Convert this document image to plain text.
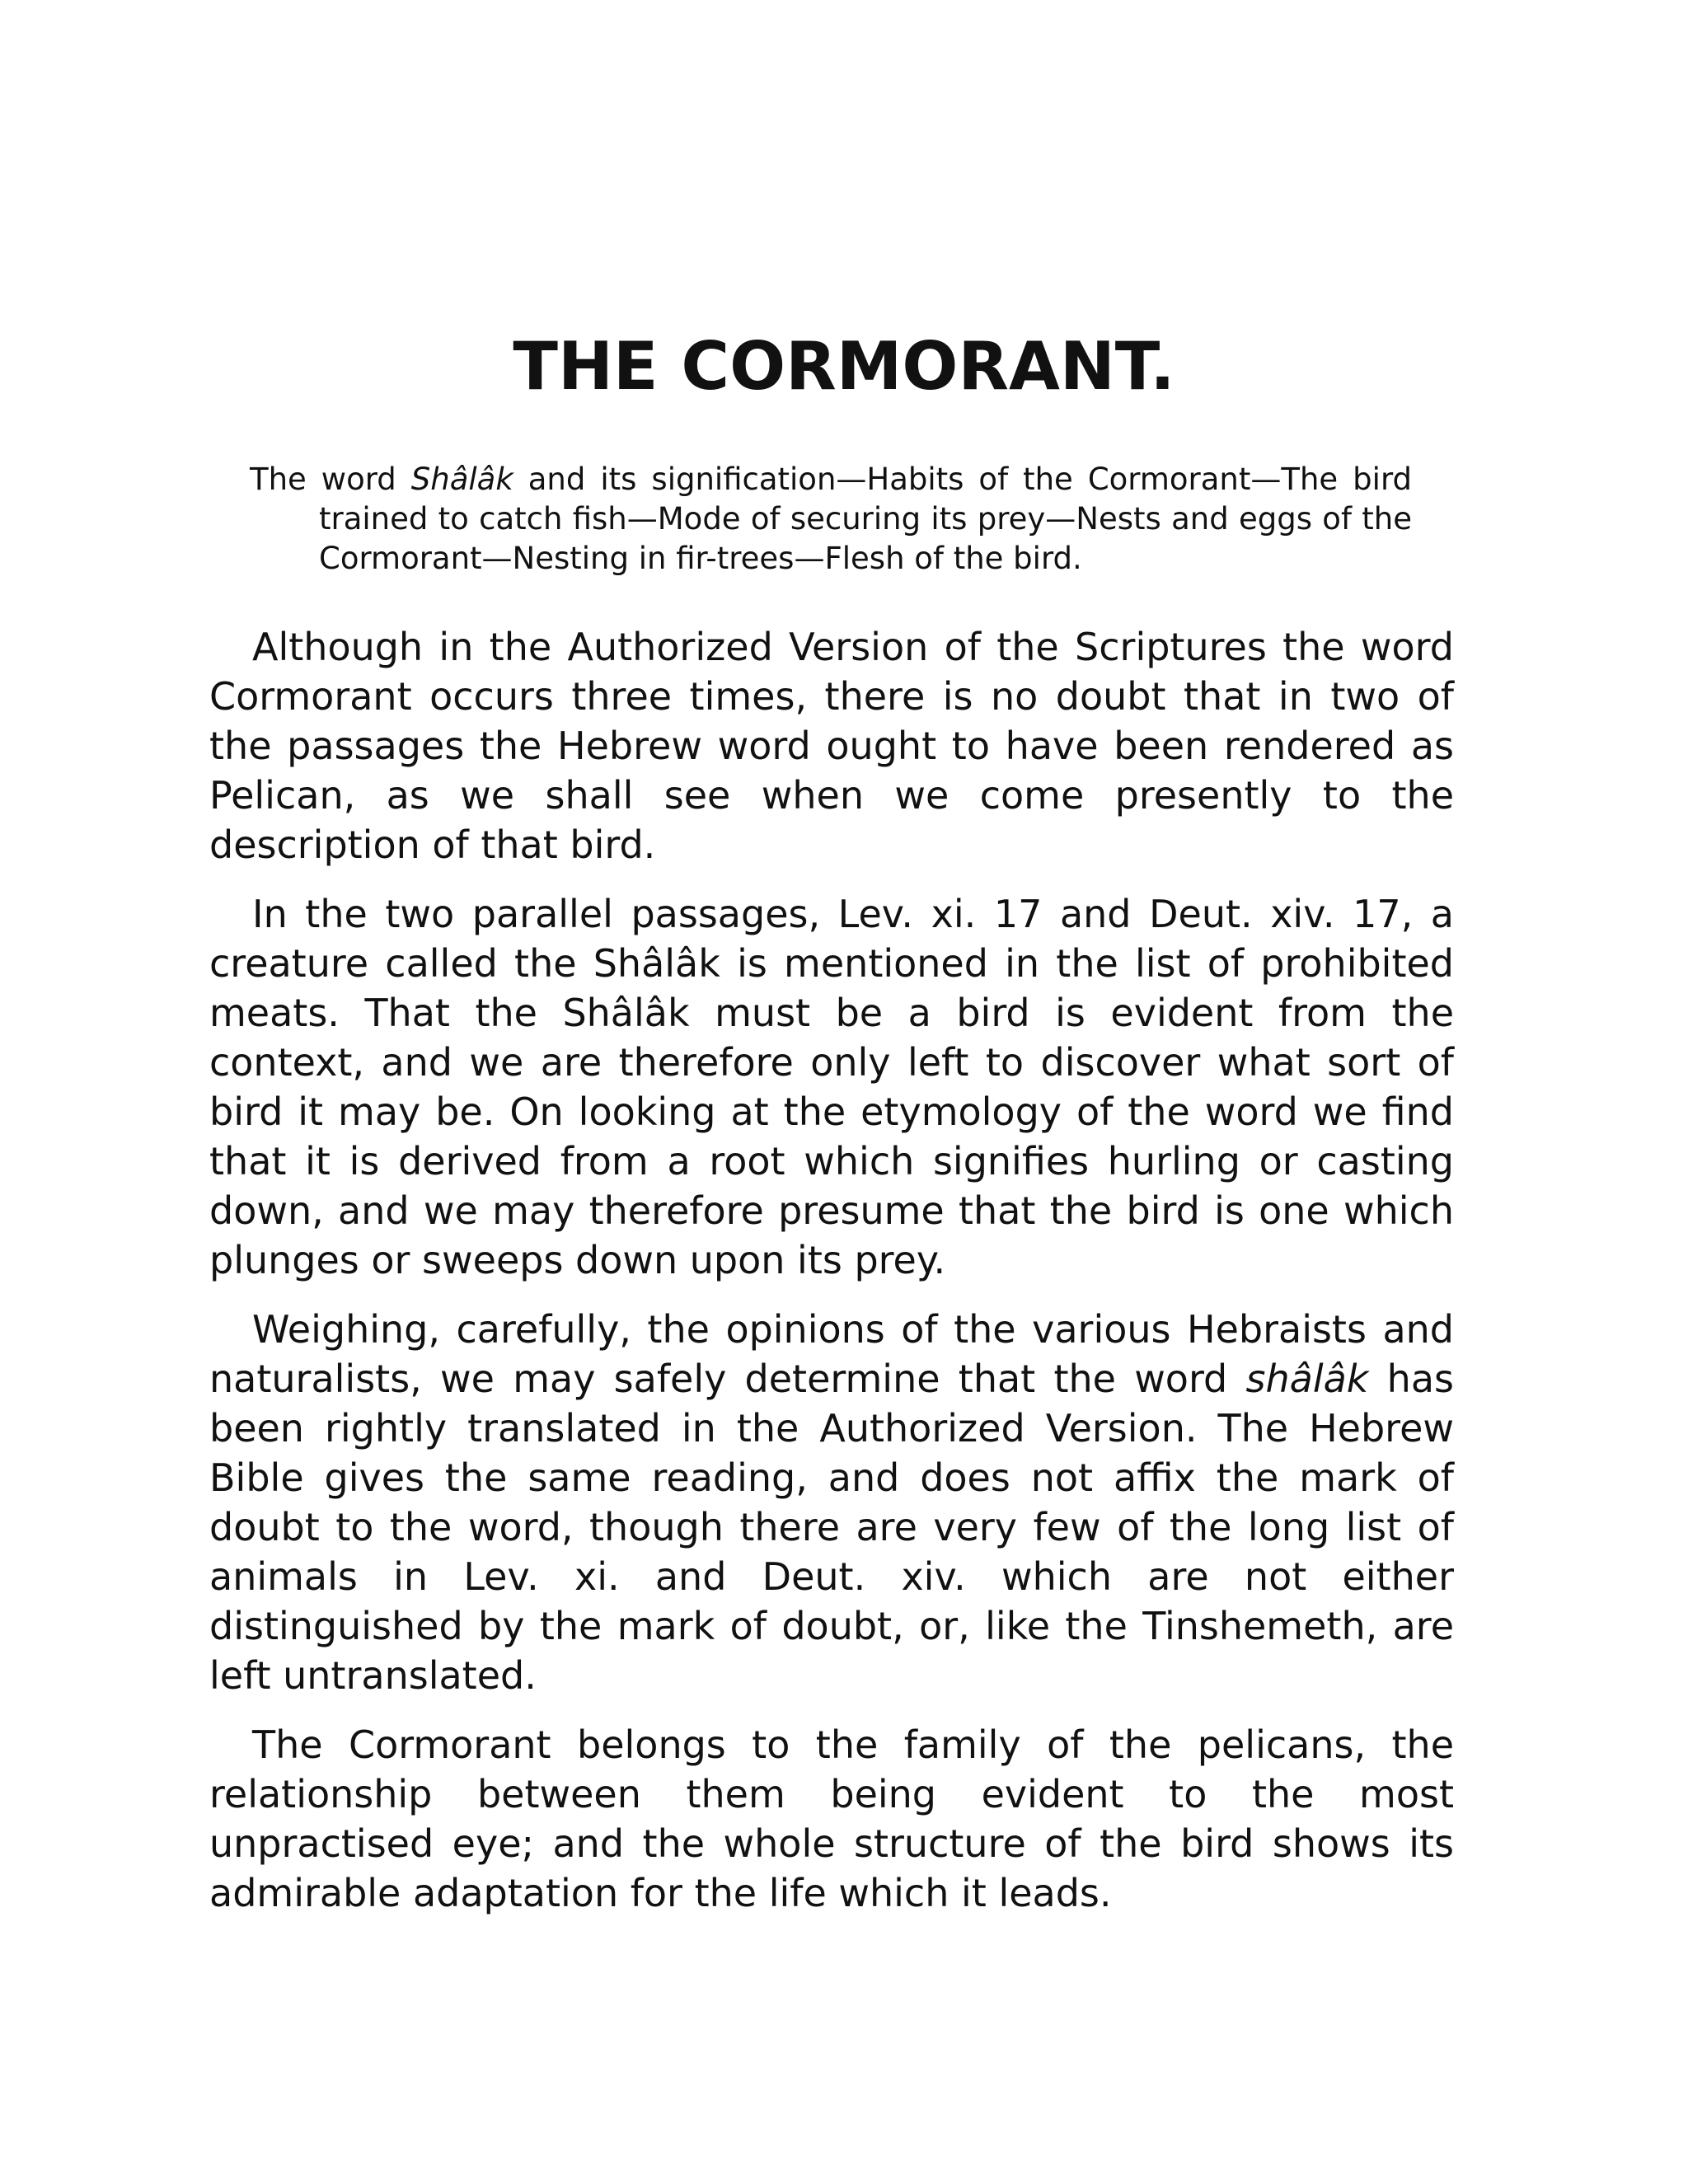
THE CORMORANT.

The word Shâlâk and its signification—Habits of the Cormorant—The bird trained to catch fish—Mode of securing its prey—Nests and eggs of the Cormorant—Nesting in fir-trees—Flesh of the bird.

Although in the Authorized Version of the Scriptures the word Cormorant occurs three times, there is no doubt that in two of the passages the Hebrew word ought to have been rendered as Pelican, as we shall see when we come presently to the description of that bird.

In the two parallel passages, Lev. xi. 17 and Deut. xiv. 17, a creature called the Shâlâk is mentioned in the list of prohibited meats. That the Shâlâk must be a bird is evident from the context, and we are therefore only left to discover what sort of bird it may be. On looking at the etymology of the word we find that it is derived from a root which signifies hurling or casting down, and we may therefore presume that the bird is one which plunges or sweeps down upon its prey.

Weighing, carefully, the opinions of the various Hebraists and naturalists, we may safely determine that the word shâlâk has been rightly translated in the Authorized Version. The Hebrew Bible gives the same reading, and does not affix the mark of doubt to the word, though there are very few of the long list of animals in Lev. xi. and Deut. xiv. which are not either distinguished by the mark of doubt, or, like the Tinshemeth, are left untranslated.

The Cormorant belongs to the family of the pelicans, the relationship between them being evident to the most unpractised eye; and the whole structure of the bird shows its admirable adaptation for the life which it leads.
